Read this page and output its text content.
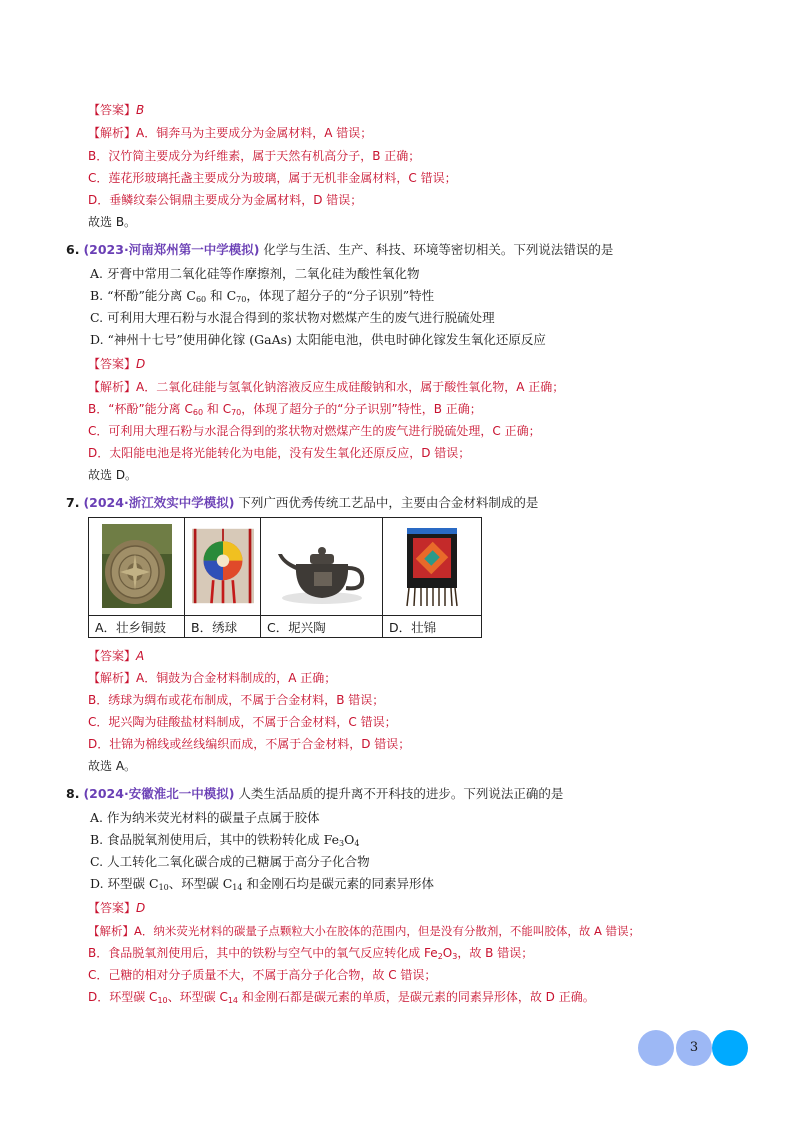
【答案】B
【解析】A．铜奔马为主要成分为金属材料，A 错误；
B．汉竹简主要成分为纤维素，属于天然有机高分子，B 正确；
C．莲花形玻璃托盏主要成分为玻璃，属于无机非金属材料，C 错误；
D．垂鳞纹秦公铜鼎主要成分为金属材料，D 错误；
故选 B。
6. (2023·河南郑州第一中学模拟) 化学与生活、生产、科技、环境等密切相关。下列说法错误的是
A. 牙膏中常用二氧化硅等作摩擦剂，二氧化硅为酸性氧化物
B. “杯酚”能分离 $C_{60}$ 和 $C_{70}$，体现了超分子的“分子识别”特性
C. 可利用大理石粉与水混合得到的浆状物对燃煤产生的废气进行脱硫处理
D. “神州十七号”使用砷化镓 (GaAs) 太阳能电池，供电时砷化镓发生氧化还原反应
【答案】D
【解析】A．二氧化硅能与氢氧化钠溶液反应生成硅酸钠和水，属于酸性氧化物，A 正确；
B．“杯酚”能分离 $C_{60}$ 和 $C_{70}$，体现了超分子的“分子识别”特性，B 正确；
C．可利用大理石粉与水混合得到的浆状物对燃煤产生的废气进行脱硫处理，C 正确；
D．太阳能电池是将光能转化为电能，没有发生氧化还原反应，D 错误；
故选 D。
7. (2024·浙江效实中学模拟) 下列广西优秀传统工艺品中，主要由合金材料制成的是
A．壮乡铜鼓 B．绣球 C．坭兴陶	D．壮锦
【答案】A
【解析】A．铜鼓为合金材料制成的，A 正确；
B．绣球为绸布或花布制成，不属于合金材料，B 错误；
C．坭兴陶为硅酸盐材料制成，不属于合金材料，C 错误；
D．壮锦为棉线或丝线编织而成，不属于合金材料，D 错误；
故选 A。
8. (2024·安徽淮北一中模拟) 人类生活品质的提升离不开科技的进步。下列说法正确的是
A. 作为纳米荧光材料的碳量子点属于胶体
B. 食品脱氧剂使用后，其中的铁粉转化成 $Fe_3O_4$
C. 人工转化二氧化碳合成的己糖属于高分子化合物
D. 环型碳 $C_{10}$、环型碳 $C_{14}$ 和金刚石均是碳元素的同素异形体
【答案】D
【解析】A．纳米荧光材料的碳量子点颗粒大小在胶体的范围内，但是没有分散剂，不能叫胶体，故 A 错误；
B．食品脱氧剂使用后，其中的铁粉与空气中的氧气反应转化成 $Fe_2O_3$，故 B 错误；
C．己糖的相对分子质量不大，不属于高分子化合物，故 C 错误；
D．环型碳 $C_{10}$、环型碳 $C_{14}$ 和金刚石都是碳元素的单质，是碳元素的同素异形体，故 D 正确。
3
